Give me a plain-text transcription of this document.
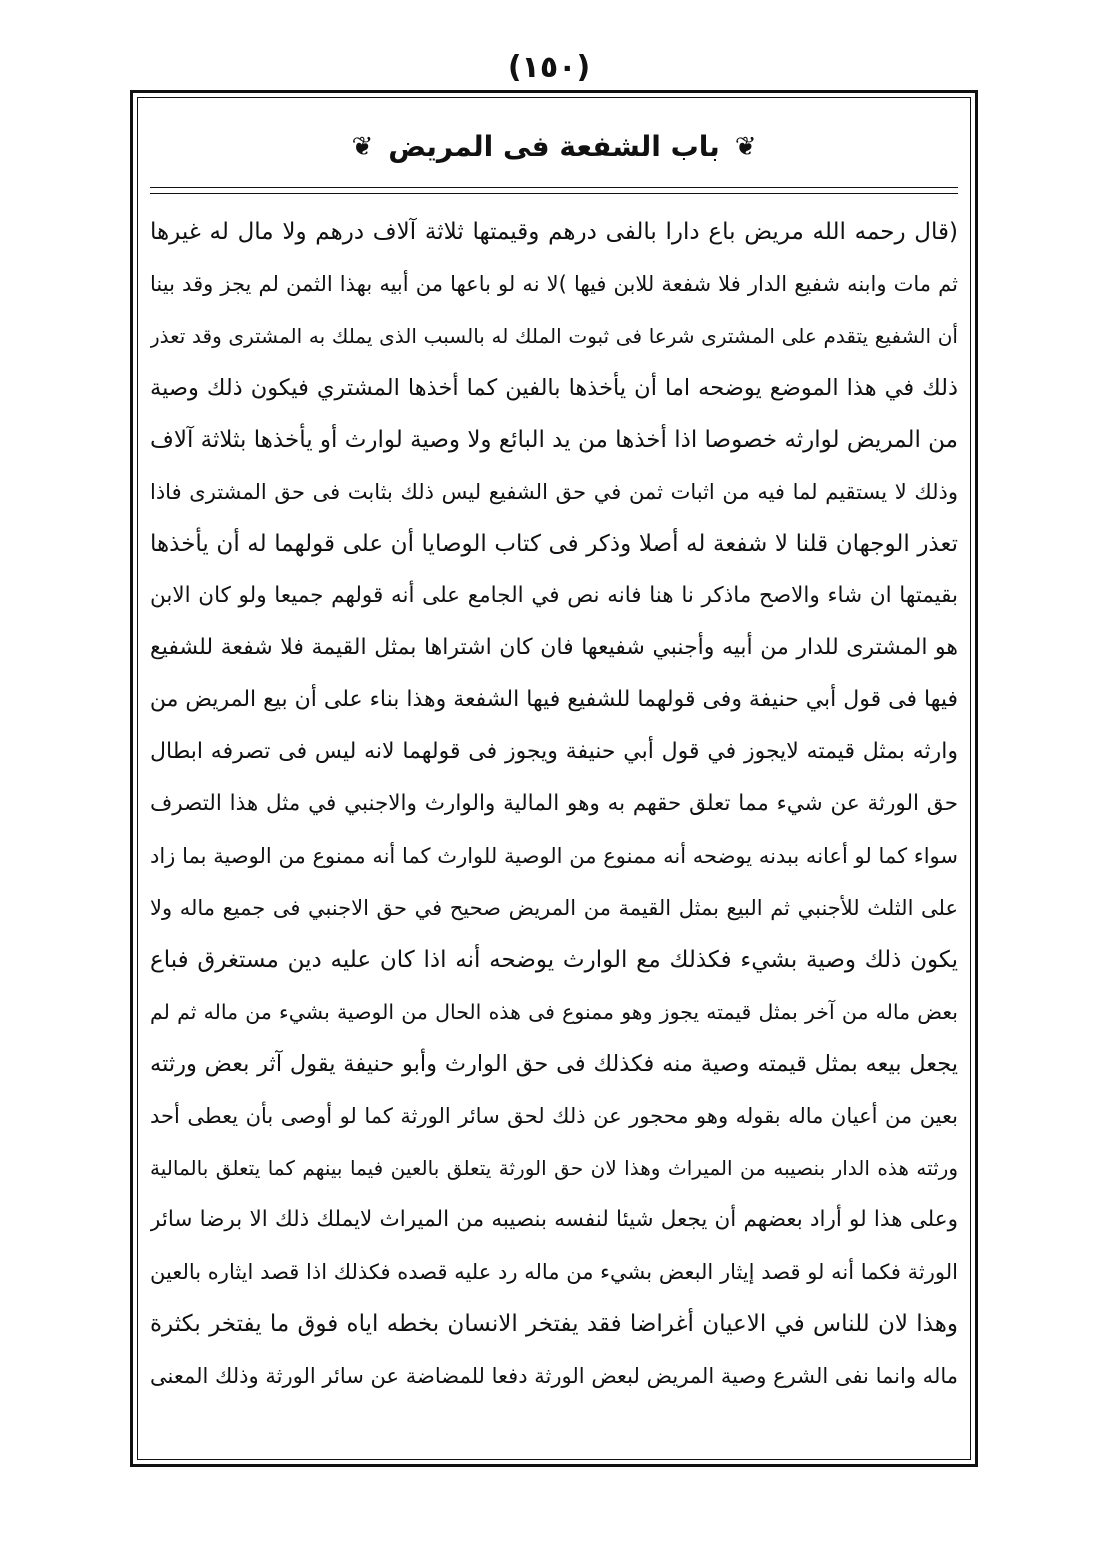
(١٥٠)
❦ باب الشفعة فى المريض ❦
(قال رحمه الله مريض باع دارا بالفى درهم وقيمتها ثلاثة آلاف درهم ولا مال له غيرها
ثم مات وابنه شفيع الدار فلا شفعة للابن فيها )لا نه لو باعها من أبيه بهذا الثمن لم يجز وقد بينا
أن الشفيع يتقدم على المشترى شرعا فى ثبوت الملك له بالسبب الذى يملك به المشترى وقد تعذر
ذلك في هذا الموضع يوضحه اما أن يأخذها بالفين كما أخذها المشتري فيكون ذلك وصية
من المريض لوارثه خصوصا اذا أخذها من يد البائع ولا وصية لوارث أو يأخذها بثلاثة آلاف
وذلك لا يستقيم لما فيه من اثبات ثمن في حق الشفيع ليس ذلك بثابت فى حق المشترى فاذا
تعذر الوجهان قلنا لا شفعة له أصلا وذكر فى كتاب الوصايا أن على قولهما له أن يأخذها
بقيمتها ان شاء والاصح ماذكر نا هنا فانه نص في الجامع على أنه قولهم جميعا ولو كان الابن
هو المشترى للدار من أبيه وأجنبي شفيعها فان كان اشتراها بمثل القيمة فلا شفعة للشفيع
فيها فى قول أبي حنيفة وفى قولهما للشفيع فيها الشفعة وهذا بناء على أن بيع المريض من
وارثه بمثل قيمته لايجوز في قول أبي حنيفة ويجوز فى قولهما لانه ليس فى تصرفه ابطال
حق الورثة عن شيء مما تعلق حقهم به وهو المالية والوارث والاجنبي في مثل هذا التصرف
سواء كما لو أعانه ببدنه يوضحه أنه ممنوع من الوصية للوارث كما أنه ممنوع من الوصية بما زاد
على الثلث للأجنبي ثم البيع بمثل القيمة من المريض صحيح في حق الاجنبي فى جميع ماله ولا
يكون ذلك وصية بشيء فكذلك مع الوارث يوضحه أنه اذا كان عليه دين مستغرق فباع
بعض ماله من آخر بمثل قيمته يجوز وهو ممنوع فى هذه الحال من الوصية بشيء من ماله ثم لم
يجعل بيعه بمثل قيمته وصية منه فكذلك فى حق الوارث وأبو حنيفة يقول آثر بعض ورثته
بعين من أعيان ماله بقوله وهو محجور عن ذلك لحق سائر الورثة كما لو أوصى بأن يعطى أحد
ورثته هذه الدار بنصيبه من الميراث وهذا لان حق الورثة يتعلق بالعين فيما بينهم كما يتعلق بالمالية
وعلى هذا لو أراد بعضهم أن يجعل شيئا لنفسه بنصيبه من الميراث لايملك ذلك الا برضا سائر
الورثة فكما أنه لو قصد إيثار البعض بشيء من ماله رد عليه قصده فكذلك اذا قصد ايثاره بالعين
وهذا لان للناس في الاعيان أغراضا فقد يفتخر الانسان بخطه اياه فوق ما يفتخر بكثرة
ماله وانما نفى الشرع وصية المريض لبعض الورثة دفعا للمضاضة عن سائر الورثة وذلك المعنى
